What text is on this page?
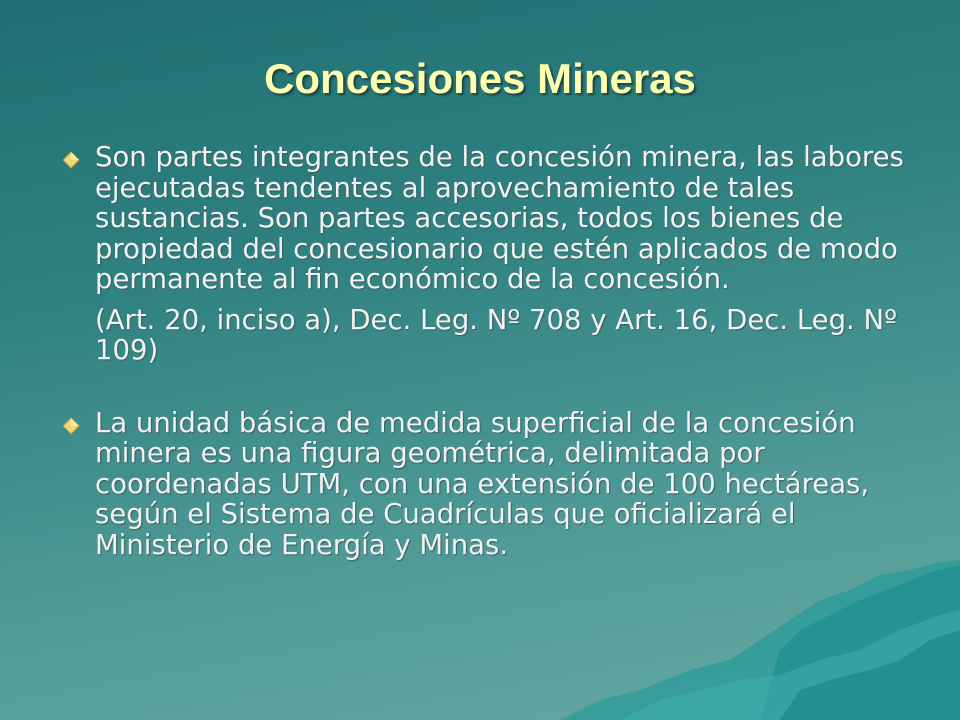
Concesiones Mineras
Son partes integrantes de la concesión minera, las labores ejecutadas tendentes al aprovechamiento de tales sustancias. Son partes accesorias, todos los bienes de propiedad del concesionario que estén aplicados de modo permanente al fin económico de la concesión.
(Art. 20, inciso a), Dec. Leg. Nº 708 y Art. 16, Dec. Leg. Nº 109)
La unidad básica de medida superficial de la concesión minera es una figura geométrica, delimitada por coordenadas UTM, con una extensión de 100 hectáreas, según el Sistema de Cuadrículas que oficializará el Ministerio de Energía y Minas.
